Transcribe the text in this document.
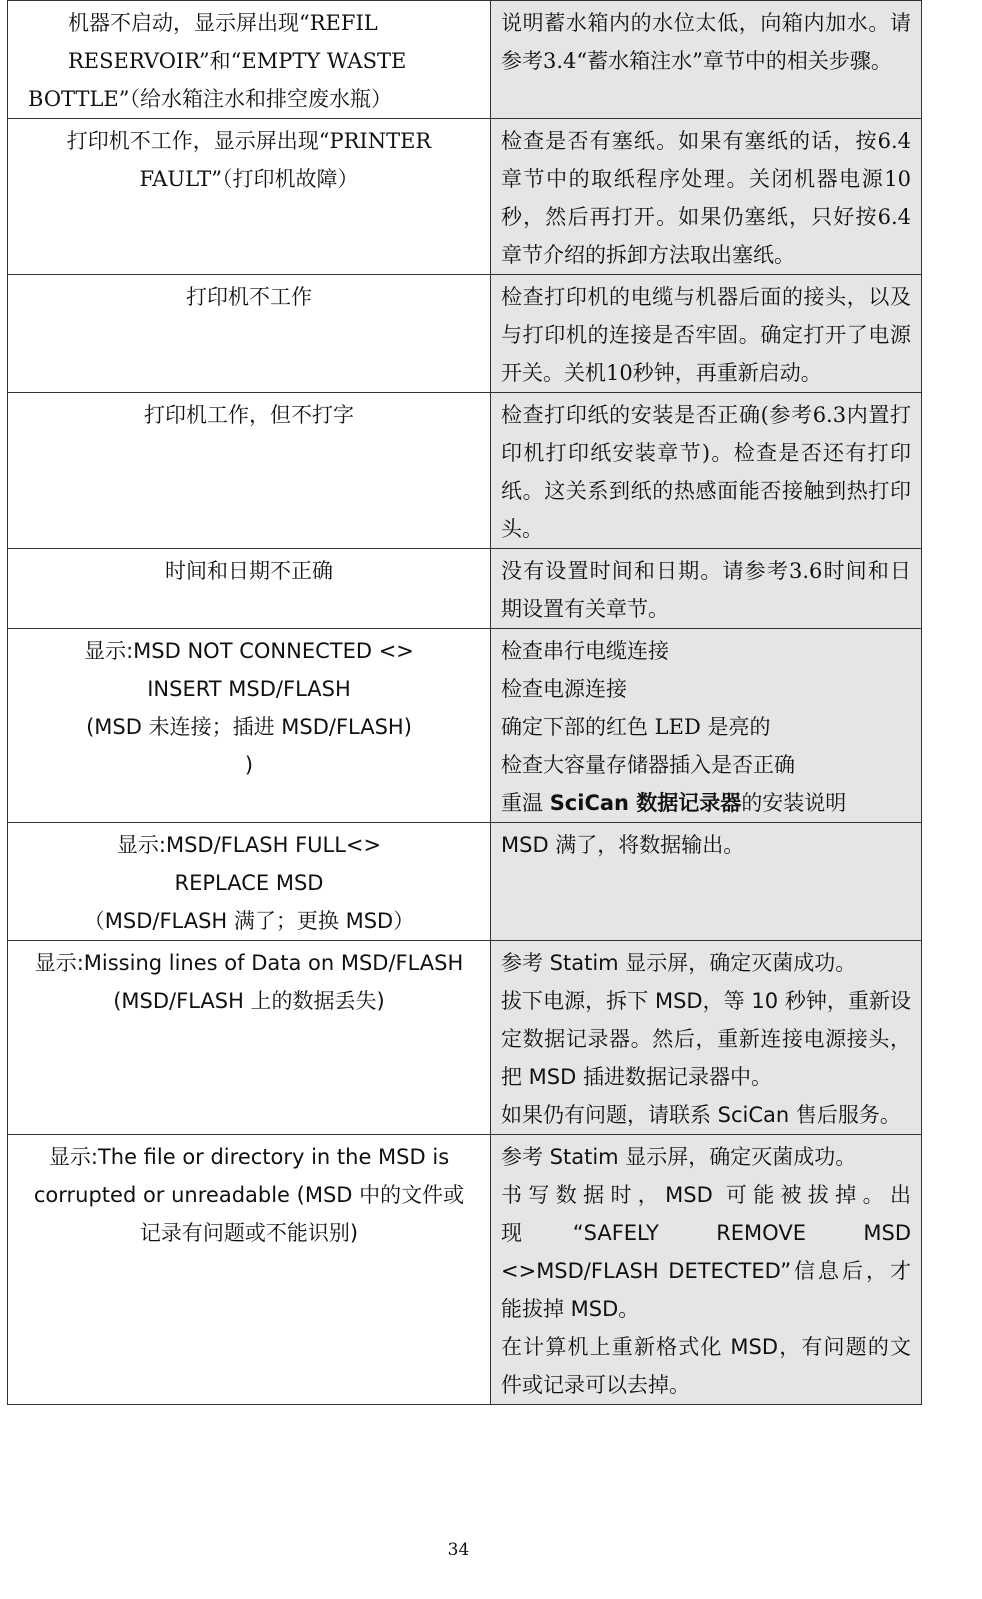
机器不启动，显示屏出现“REFIL
RESERVOIR”和“EMPTY WASTE
BOTTLE”（给水箱注水和排空废水瓶）	说明蓄水箱内的水位太低，向箱内加水。请参考3.4“蓄水箱注水”章节中的相关步骤。

打印机不工作，显示屏出现“PRINTER
FAULT”（打印机故障）	检查是否有塞纸。如果有塞纸的话，按6.4章节中的取纸程序处理。关闭机器电源10秒，然后再打开。如果仍塞纸，只好按6.4章节介绍的拆卸方法取出塞纸。

打印机不工作	检查打印机的电缆与机器后面的接头，以及与打印机的连接是否牢固。确定打开了电源开关。关机10秒钟，再重新启动。

打印机工作，但不打字	检查打印纸的安装是否正确(参考6.3内置打印机打印纸安装章节)。检查是否还有打印纸。这关系到纸的热感面能否接触到热打印头。

时间和日期不正确	没有设置时间和日期。请参考3.6时间和日期设置有关章节。

显示:MSD NOT CONNECTED <>
INSERT MSD/FLASH
(MSD 未连接；插进 MSD/FLASH)
)	检查串行电缆连接
检查电源连接
确定下部的红色 LED 是亮的
检查大容量存储器插入是否正确
重温 SciCan 数据记录器的安装说明

显示:MSD/FLASH FULL<>
REPLACE MSD
（MSD/FLASH 满了；更换 MSD）	MSD 满了，将数据输出。

显示:Missing lines of Data on MSD/FLASH
(MSD/FLASH 上的数据丢失)	参考 Statim 显示屏，确定灭菌成功。
拔下电源，拆下 MSD，等 10 秒钟，重新设定数据记录器。然后，重新连接电源接头，把 MSD 插进数据记录器中。
如果仍有问题，请联系 SciCan 售后服务。

显示:The file or directory in the MSD is
corrupted or unreadable (MSD 中的文件或
记录有问题或不能识别)	参考 Statim 显示屏，确定灭菌成功。
书写数据时，MSD 可能被拔掉。出现“SAFELY REMOVE MSD <>MSD/FLASH DETECTED”信息后，才能拔掉 MSD。
在计算机上重新格式化 MSD，有问题的文件或记录可以去掉。
34
